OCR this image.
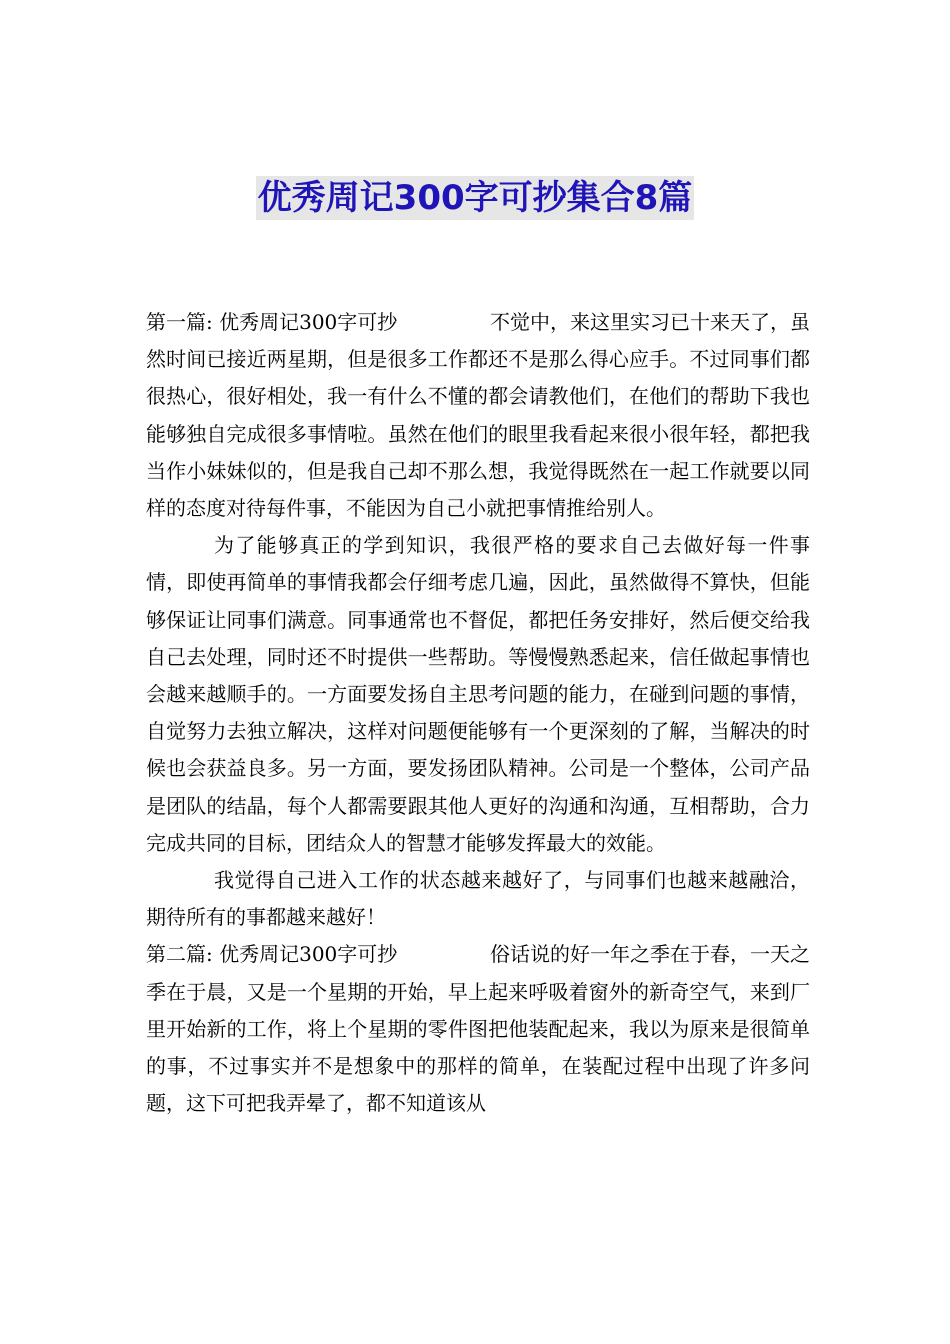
优秀周记300字可抄集合8篇

第一篇: 优秀周记300字可抄	不觉中，来这里实习已十来天了，虽然时间已接近两星期，但是很多工作都还不是那么得心应手。不过同事们都很热心，很好相处，我一有什么不懂的都会请教他们，在他们的帮助下我也能够独自完成很多事情啦。虽然在他们的眼里我看起来很小很年轻，都把我当作小妹妹似的，但是我自己却不那么想，我觉得既然在一起工作就要以同样的态度对待每件事，不能因为自己小就把事情推给别人。

为了能够真正的学到知识，我很严格的要求自己去做好每一件事情，即使再简单的事情我都会仔细考虑几遍，因此，虽然做得不算快，但能够保证让同事们满意。同事通常也不督促，都把任务安排好，然后便交给我自己去处理，同时还不时提供一些帮助。等慢慢熟悉起来，信任做起事情也会越来越顺手的。一方面要发扬自主思考问题的能力，在碰到问题的事情，自觉努力去独立解决，这样对问题便能够有一个更深刻的了解，当解决的时候也会获益良多。另一方面，要发扬团队精神。公司是一个整体，公司产品是团队的结晶，每个人都需要跟其他人更好的沟通和沟通，互相帮助，合力完成共同的目标，团结众人的智慧才能够发挥最大的效能。

我觉得自己进入工作的状态越来越好了，与同事们也越来越融洽，期待所有的事都越来越好！

第二篇: 优秀周记300字可抄	俗话说的好一年之季在于春，一天之季在于晨，又是一个星期的开始，早上起来呼吸着窗外的新奇空气，来到厂里开始新的工作，将上个星期的零件图把他装配起来，我以为原来是很简单的事，不过事实并不是想象中的那样的简单，在装配过程中出现了许多问题，这下可把我弄晕了，都不知道该从
